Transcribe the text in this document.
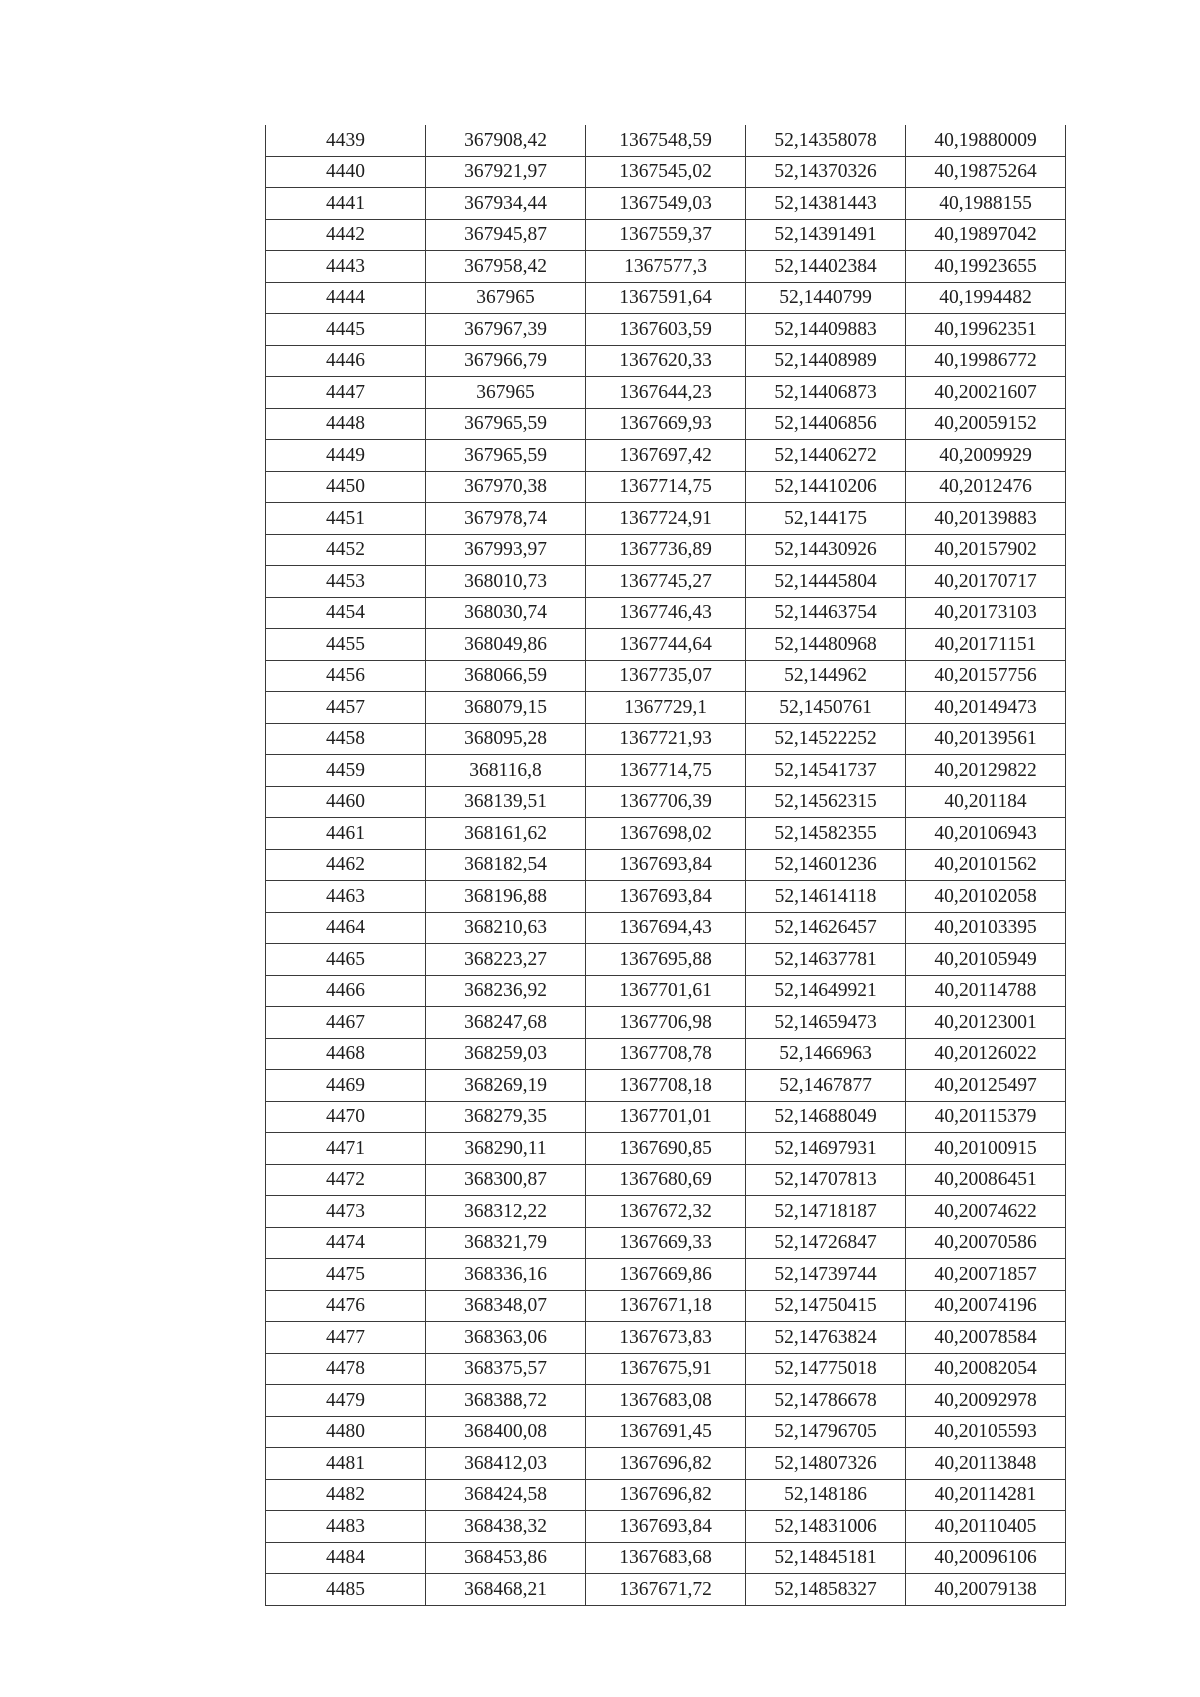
4439	367908,42	1367548,59	52,14358078	40,19880009
4440	367921,97	1367545,02	52,14370326	40,19875264
4441	367934,44	1367549,03	52,14381443	40,1988155
4442	367945,87	1367559,37	52,14391491	40,19897042
4443	367958,42	1367577,3	52,14402384	40,19923655
4444	367965	1367591,64	52,1440799	40,1994482
4445	367967,39	1367603,59	52,14409883	40,19962351
4446	367966,79	1367620,33	52,14408989	40,19986772
4447	367965	1367644,23	52,14406873	40,20021607
4448	367965,59	1367669,93	52,14406856	40,20059152
4449	367965,59	1367697,42	52,14406272	40,2009929
4450	367970,38	1367714,75	52,14410206	40,2012476
4451	367978,74	1367724,91	52,144175	40,20139883
4452	367993,97	1367736,89	52,14430926	40,20157902
4453	368010,73	1367745,27	52,14445804	40,20170717
4454	368030,74	1367746,43	52,14463754	40,20173103
4455	368049,86	1367744,64	52,14480968	40,20171151
4456	368066,59	1367735,07	52,144962	40,20157756
4457	368079,15	1367729,1	52,1450761	40,20149473
4458	368095,28	1367721,93	52,14522252	40,20139561
4459	368116,8	1367714,75	52,14541737	40,20129822
4460	368139,51	1367706,39	52,14562315	40,201184
4461	368161,62	1367698,02	52,14582355	40,20106943
4462	368182,54	1367693,84	52,14601236	40,20101562
4463	368196,88	1367693,84	52,14614118	40,20102058
4464	368210,63	1367694,43	52,14626457	40,20103395
4465	368223,27	1367695,88	52,14637781	40,20105949
4466	368236,92	1367701,61	52,14649921	40,20114788
4467	368247,68	1367706,98	52,14659473	40,20123001
4468	368259,03	1367708,78	52,1466963	40,20126022
4469	368269,19	1367708,18	52,1467877	40,20125497
4470	368279,35	1367701,01	52,14688049	40,20115379
4471	368290,11	1367690,85	52,14697931	40,20100915
4472	368300,87	1367680,69	52,14707813	40,20086451
4473	368312,22	1367672,32	52,14718187	40,20074622
4474	368321,79	1367669,33	52,14726847	40,20070586
4475	368336,16	1367669,86	52,14739744	40,20071857
4476	368348,07	1367671,18	52,14750415	40,20074196
4477	368363,06	1367673,83	52,14763824	40,20078584
4478	368375,57	1367675,91	52,14775018	40,20082054
4479	368388,72	1367683,08	52,14786678	40,20092978
4480	368400,08	1367691,45	52,14796705	40,20105593
4481	368412,03	1367696,82	52,14807326	40,20113848
4482	368424,58	1367696,82	52,148186	40,20114281
4483	368438,32	1367693,84	52,14831006	40,20110405
4484	368453,86	1367683,68	52,14845181	40,20096106
4485	368468,21	1367671,72	52,14858327	40,20079138
